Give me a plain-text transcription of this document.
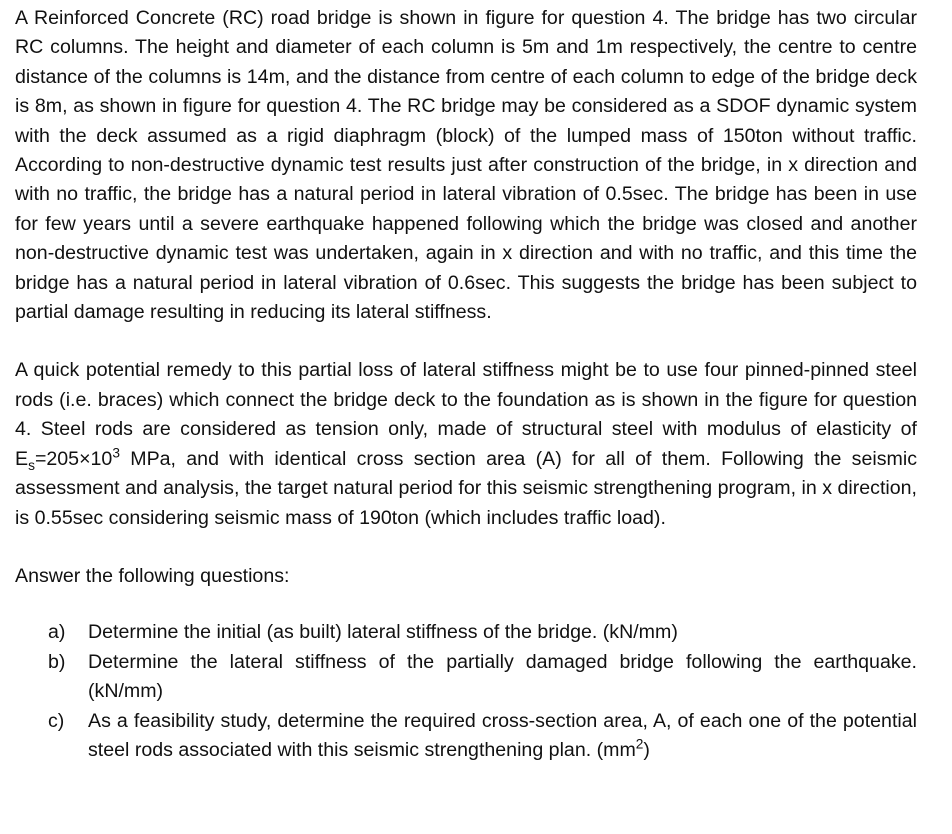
A Reinforced Concrete (RC) road bridge is shown in figure for question 4. The bridge has two circular RC columns. The height and diameter of each column is 5m and 1m respectively, the centre to centre distance of the columns is 14m, and the distance from centre of each column to edge of the bridge deck is 8m, as shown in figure for question 4. The RC bridge may be considered as a SDOF dynamic system with the deck assumed as a rigid diaphragm (block) of the lumped mass of 150ton without traffic. According to non-destructive dynamic test results just after construction of the bridge, in x direction and with no traffic, the bridge has a natural period in lateral vibration of 0.5sec. The bridge has been in use for few years until a severe earthquake happened following which the bridge was closed and another non-destructive dynamic test was undertaken, again in x direction and with no traffic, and this time the bridge has a natural period in lateral vibration of 0.6sec. This suggests the bridge has been subject to partial damage resulting in reducing its lateral stiffness.

A quick potential remedy to this partial loss of lateral stiffness might be to use four pinned-pinned steel rods (i.e. braces) which connect the bridge deck to the foundation as is shown in the figure for question 4. Steel rods are considered as tension only, made of structural steel with modulus of elasticity of $E_s=205\times 10^3$ MPa, and with identical cross section area (A) for all of them. Following the seismic assessment and analysis, the target natural period for this seismic strengthening program, in x direction, is 0.55sec considering seismic mass of 190ton (which includes traffic load).

Answer the following questions:

a)	Determine the initial (as built) lateral stiffness of the bridge. (kN/mm)
b)	Determine the lateral stiffness of the partially damaged bridge following the earthquake. (kN/mm)
c)	As a feasibility study, determine the required cross-section area, A, of each one of the potential steel rods associated with this seismic strengthening plan. $(mm^2)$
